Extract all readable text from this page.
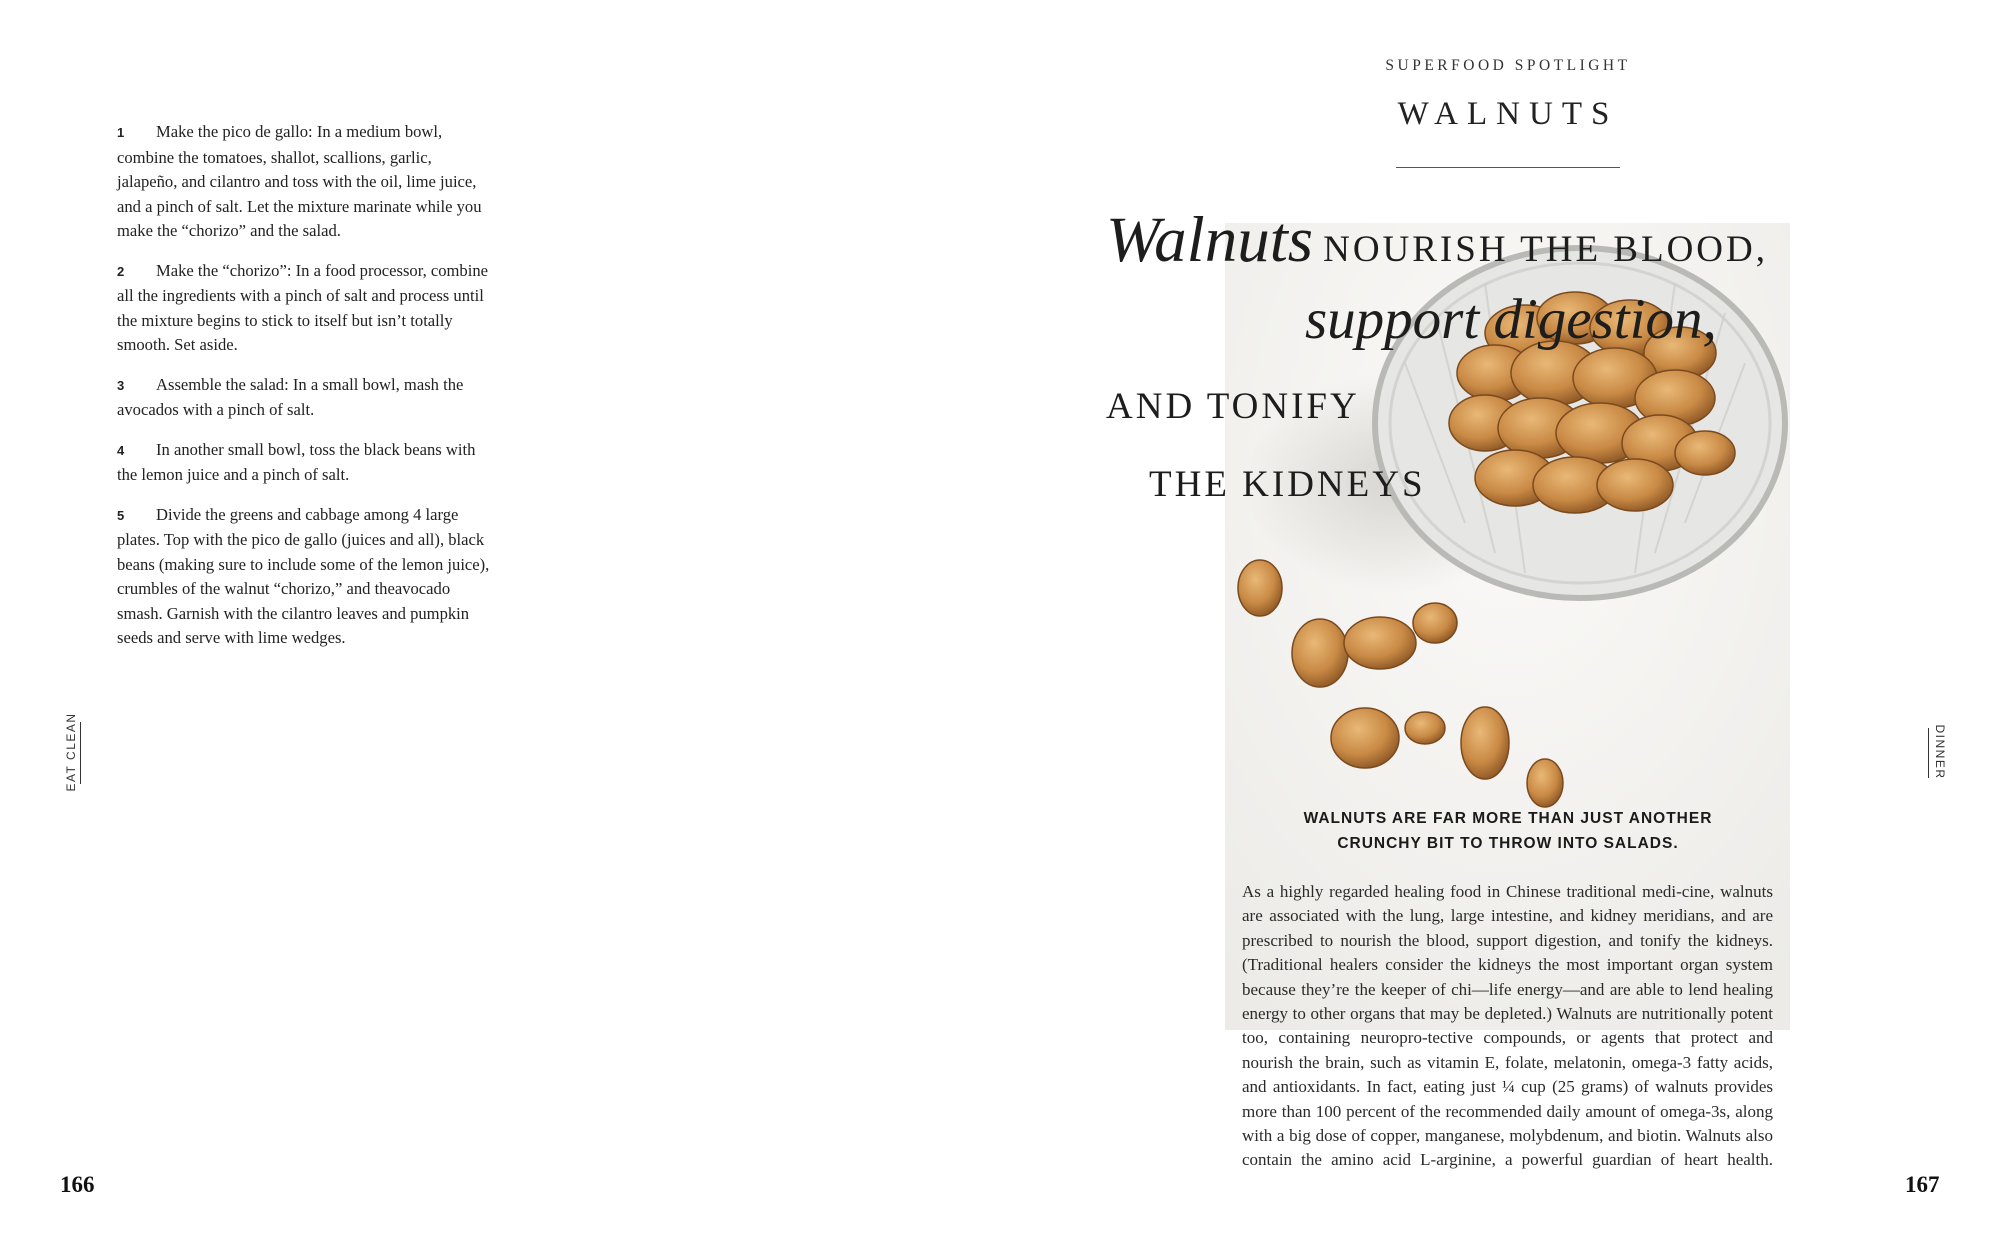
1 Make the pico de gallo: In a medium bowl, combine the tomatoes, shallot, scallions, garlic, jalapeño, and cilantro and toss with the oil, lime juice, and a pinch of salt. Let the mixture marinate while you make the “chorizo” and the salad.
2 Make the “chorizo”: In a food processor, combine all the ingredients with a pinch of salt and process until the mixture begins to stick to itself but isn’t totally smooth. Set aside.
3 Assemble the salad: In a small bowl, mash the avocados with a pinch of salt.
4 In another small bowl, toss the black beans with the lemon juice and a pinch of salt.
5 Divide the greens and cabbage among 4 large plates. Top with the pico de gallo (juices and all), black beans (making sure to include some of the lemon juice), crumbles of the walnut “chorizo,” and theavocado smash. Garnish with the cilantro leaves and pumpkin seeds and serve with lime wedges.
EAT CLEAN
166
SUPERFOOD SPOTLIGHT
WALNUTS
Walnuts NOURISH THE BLOOD,
support digestion,
AND TONIFY
THE KIDNEYS
WALNUTS ARE FAR MORE THAN JUST ANOTHER CRUNCHY BIT TO THROW INTO SALADS.

As a highly regarded healing food in Chinese traditional medi-cine, walnuts are associated with the lung, large intestine, and kidney meridians, and are prescribed to nourish the blood, support digestion, and tonify the kidneys. (Traditional healers consider the kidneys the most important organ system because they’re the keeper of chi—life energy—and are able to lend healing energy to other organs that may be depleted.) Walnuts are nutritionally potent too, containing neuropro-tective compounds, or agents that protect and nourish the brain, such as vitamin E, folate, melatonin, omega-3 fatty acids, and antioxidants. In fact, eating just ¼ cup (25 grams) of walnuts provides more than 100 percent of the recommended daily amount of omega-3s, along with a big dose of copper, manganese, molybdenum, and biotin. Walnuts also contain the amino acid L-arginine, a powerful guardian of heart health.

DINNER
167
